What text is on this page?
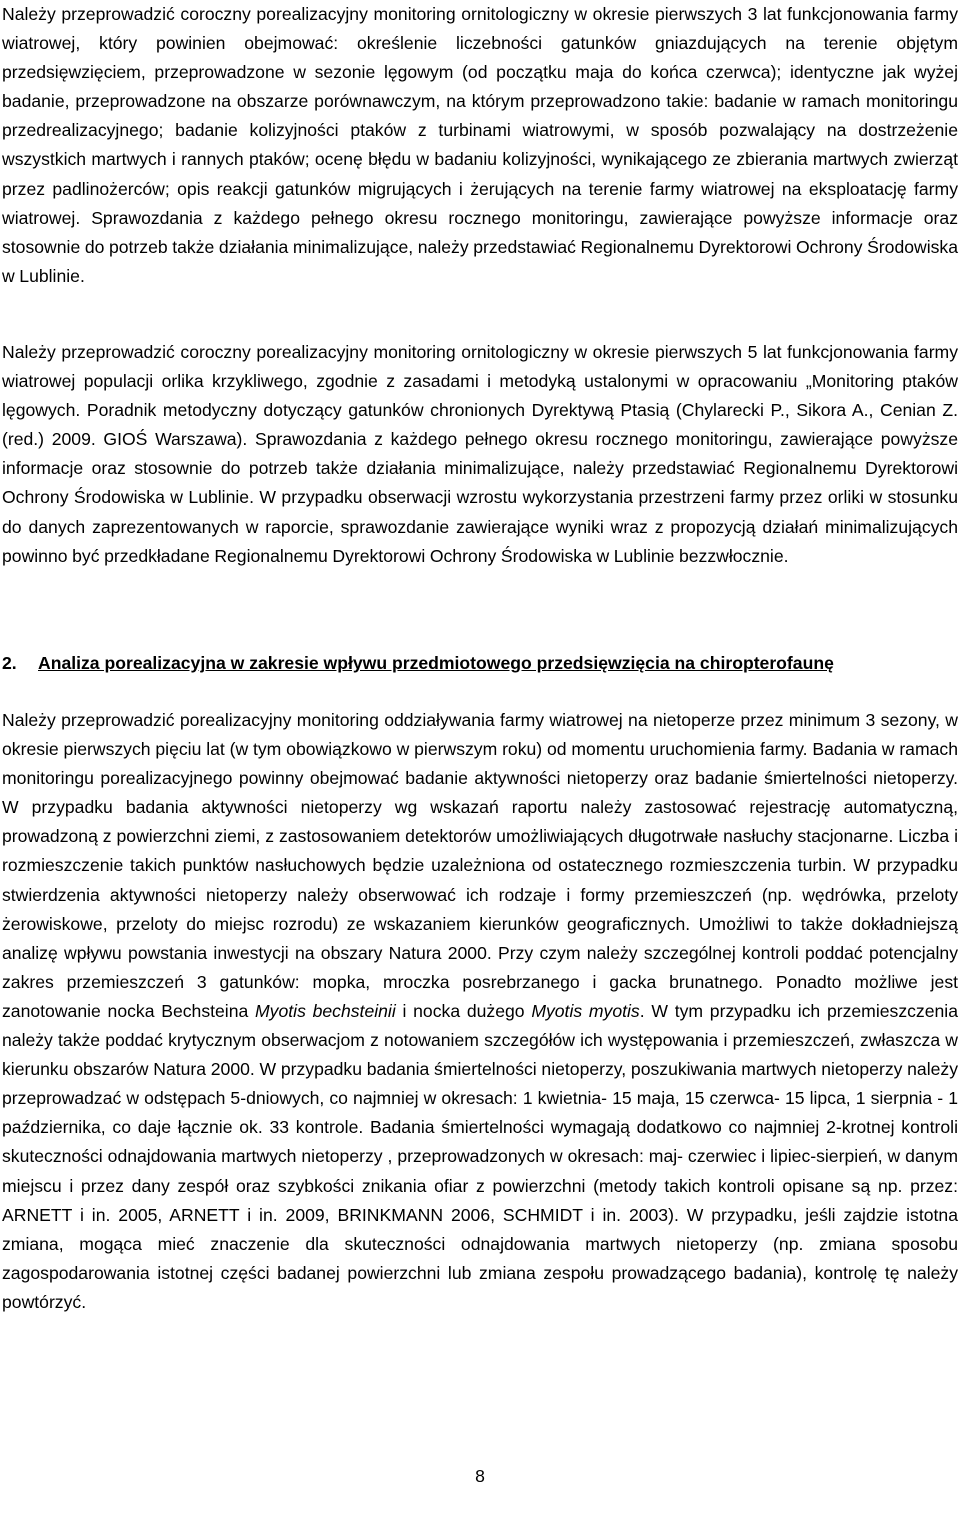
Należy przeprowadzić coroczny porealizacyjny monitoring ornitologiczny w okresie pierwszych 3 lat funkcjonowania farmy wiatrowej, który powinien obejmować: określenie liczebności gatunków gniazdujących na terenie objętym przedsięwzięciem, przeprowadzone w sezonie lęgowym (od początku maja do końca czerwca); identyczne jak wyżej badanie, przeprowadzone na obszarze porównawczym, na którym przeprowadzono takie: badanie w ramach monitoringu przedrealizacyjnego; badanie kolizyjności ptaków z turbinami wiatrowymi, w sposób pozwalający na dostrzeżenie wszystkich martwych i rannych ptaków; ocenę błędu w badaniu kolizyjności, wynikającego ze zbierania martwych zwierząt przez padlinożerców; opis reakcji gatunków migrujących i żerujących na terenie farmy wiatrowej na eksploatację farmy wiatrowej. Sprawozdania z każdego pełnego okresu rocznego monitoringu, zawierające powyższe informacje oraz stosownie do potrzeb także działania minimalizujące, należy przedstawiać Regionalnemu Dyrektorowi Ochrony Środowiska w Lublinie.

Należy przeprowadzić coroczny porealizacyjny monitoring ornitologiczny w okresie pierwszych 5 lat funkcjonowania farmy wiatrowej populacji orlika krzykliwego, zgodnie z zasadami i metodyką ustalonymi w opracowaniu „Monitoring ptaków lęgowych. Poradnik metodyczny dotyczący gatunków chronionych Dyrektywą Ptasią (Chylarecki P., Sikora A., Cenian Z. (red.) 2009. GIOŚ Warszawa). Sprawozdania z każdego pełnego okresu rocznego monitoringu, zawierające powyższe informacje oraz stosownie do potrzeb także działania minimalizujące, należy przedstawiać Regionalnemu Dyrektorowi Ochrony Środowiska w Lublinie. W przypadku obserwacji wzrostu wykorzystania przestrzeni farmy przez orliki w stosunku do danych zaprezentowanych w raporcie, sprawozdanie zawierające wyniki wraz z propozycją działań minimalizujących powinno być przedkładane Regionalnemu Dyrektorowi Ochrony Środowiska w Lublinie bezzwłocznie.

2. Analiza porealizacyjna w zakresie wpływu przedmiotowego przedsięwzięcia na chiropterofaunę

Należy przeprowadzić porealizacyjny monitoring oddziaływania farmy wiatrowej na nietoperze przez minimum 3 sezony, w okresie pierwszych pięciu lat (w tym obowiązkowo w pierwszym roku) od momentu uruchomienia farmy. Badania w ramach monitoringu porealizacyjnego powinny obejmować badanie aktywności nietoperzy oraz badanie śmiertelności nietoperzy. W przypadku badania aktywności nietoperzy wg wskazań raportu należy zastosować rejestrację automatyczną, prowadzoną z powierzchni ziemi, z zastosowaniem detektorów umożliwiających długotrwałe nasłuchy stacjonarne. Liczba i rozmieszczenie takich punktów nasłuchowych będzie uzależniona od ostatecznego rozmieszczenia turbin. W przypadku stwierdzenia aktywności nietoperzy należy obserwować ich rodzaje i formy przemieszczeń (np. wędrówka, przeloty żerowiskowe, przeloty do miejsc rozrodu) ze wskazaniem kierunków geograficznych. Umożliwi to także dokładniejszą analizę wpływu powstania inwestycji na obszary Natura 2000. Przy czym należy szczególnej kontroli poddać potencjalny zakres przemieszczeń 3 gatunków: mopka, mroczka posrebrzanego i gacka brunatnego. Ponadto możliwe jest zanotowanie nocka Bechsteina Myotis bechsteinii i nocka dużego Myotis myotis. W tym przypadku ich przemieszczenia należy także poddać krytycznym obserwacjom z notowaniem szczegółów ich występowania i przemieszczeń, zwłaszcza w kierunku obszarów Natura 2000. W przypadku badania śmiertelności nietoperzy, poszukiwania martwych nietoperzy należy przeprowadzać w odstępach 5-dniowych, co najmniej w okresach: 1 kwietnia- 15 maja, 15 czerwca- 15 lipca, 1 sierpnia - 1 października, co daje łącznie ok. 33 kontrole. Badania śmiertelności wymagają dodatkowo co najmniej 2-krotnej kontroli skuteczności odnajdowania martwych nietoperzy , przeprowadzonych w okresach: maj- czerwiec i lipiec-sierpień, w danym miejscu i przez dany zespół oraz szybkości znikania ofiar z powierzchni (metody takich kontroli opisane są np. przez: ARNETT i in. 2005, ARNETT i in. 2009, BRINKMANN 2006, SCHMIDT i in. 2003). W przypadku, jeśli zajdzie istotna zmiana, mogąca mieć znaczenie dla skuteczności odnajdowania martwych nietoperzy (np. zmiana sposobu zagospodarowania istotnej części badanej powierzchni lub zmiana zespołu prowadzącego badania), kontrolę tę należy powtórzyć.

8
